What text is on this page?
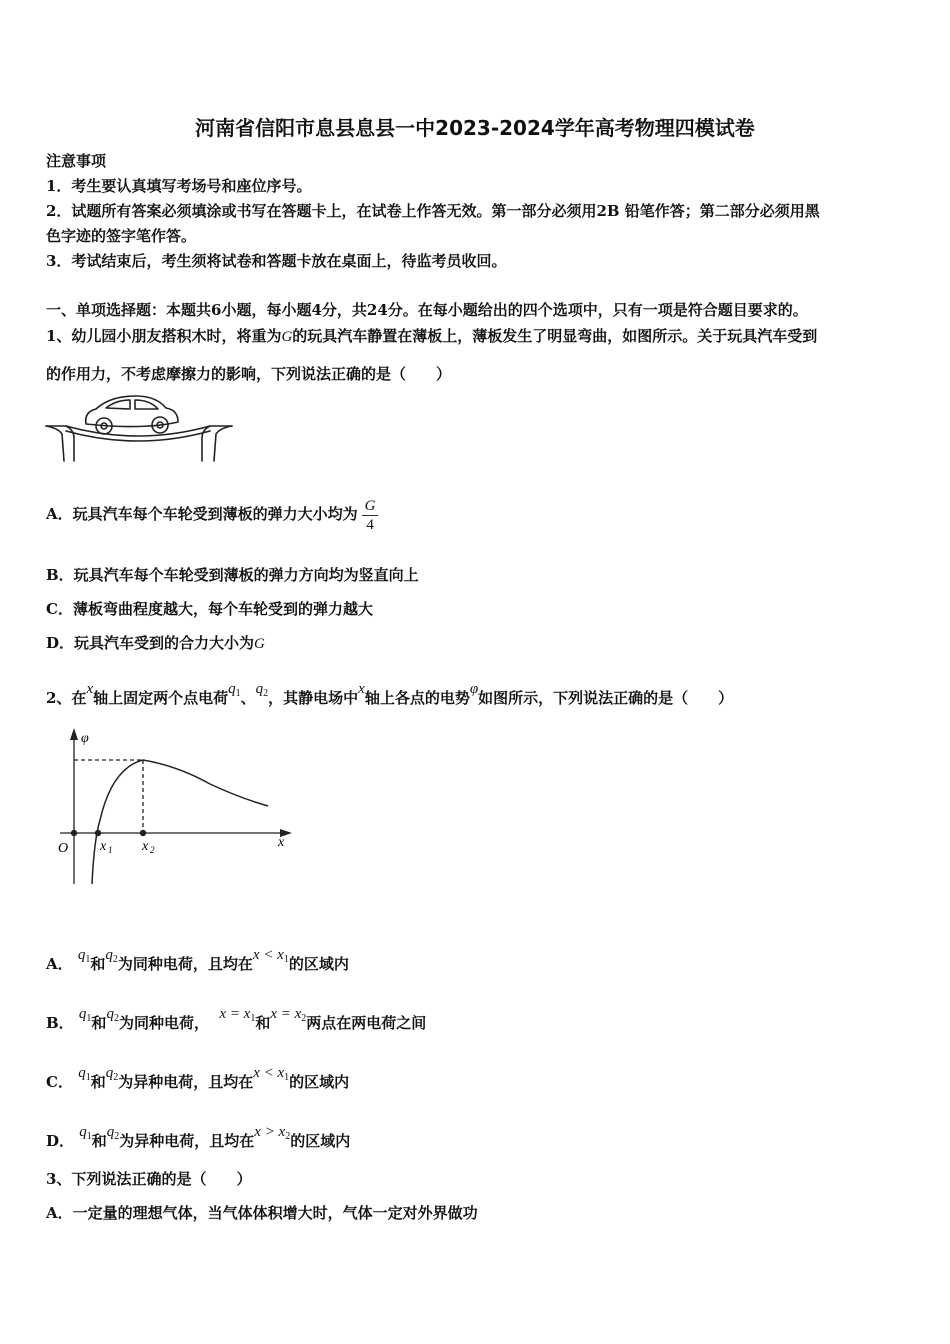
河南省信阳市息县息县一中2023-2024学年高考物理四模试卷
注意事项
1．考生要认真填写考场号和座位序号。
2．试题所有答案必须填涂或书写在答题卡上，在试卷上作答无效。第一部分必须用2B 铅笔作答；第二部分必须用黑
色字迹的签字笔作答。
3．考试结束后，考生须将试卷和答题卡放在桌面上，待监考员收回。
一、单项选择题：本题共6小题，每小题4分，共24分。在每小题给出的四个选项中，只有一项是符合题目要求的。
1、幼儿园小朋友搭积木时，将重为G的玩具汽车静置在薄板上，薄板发生了明显弯曲，如图所示。关于玩具汽车受到
的作用力，不考虑摩擦力的影响，下列说法正确的是（　　）
A．玩具汽车每个车轮受到薄板的弹力大小均为 $\frac{G}{4}$
B．玩具汽车每个车轮受到薄板的弹力方向均为竖直向上
C．薄板弯曲程度越大，每个车轮受到的弹力越大
D．玩具汽车受到的合力大小为G
2、在x轴上固定两个点电荷$q_1$、$q_2$，其静电场中x轴上各点的电势φ如图所示，下列说法正确的是（　　）
φ
x
O x 1 x 2
A． $q_1$和$q_2$为同种电荷，且均在$x < x_1$的区域内
B． $q_1$和$q_2$为同种电荷， $x = x_1$和$x = x_2$两点在两电荷之间
C． $q_1$和$q_2$为异种电荷，且均在$x < x_1$的区域内
D． $q_1$和$q_2$为异种电荷，且均在$x > x_2$的区域内
3、下列说法正确的是（　　）
A．一定量的理想气体，当气体体积增大时，气体一定对外界做功
